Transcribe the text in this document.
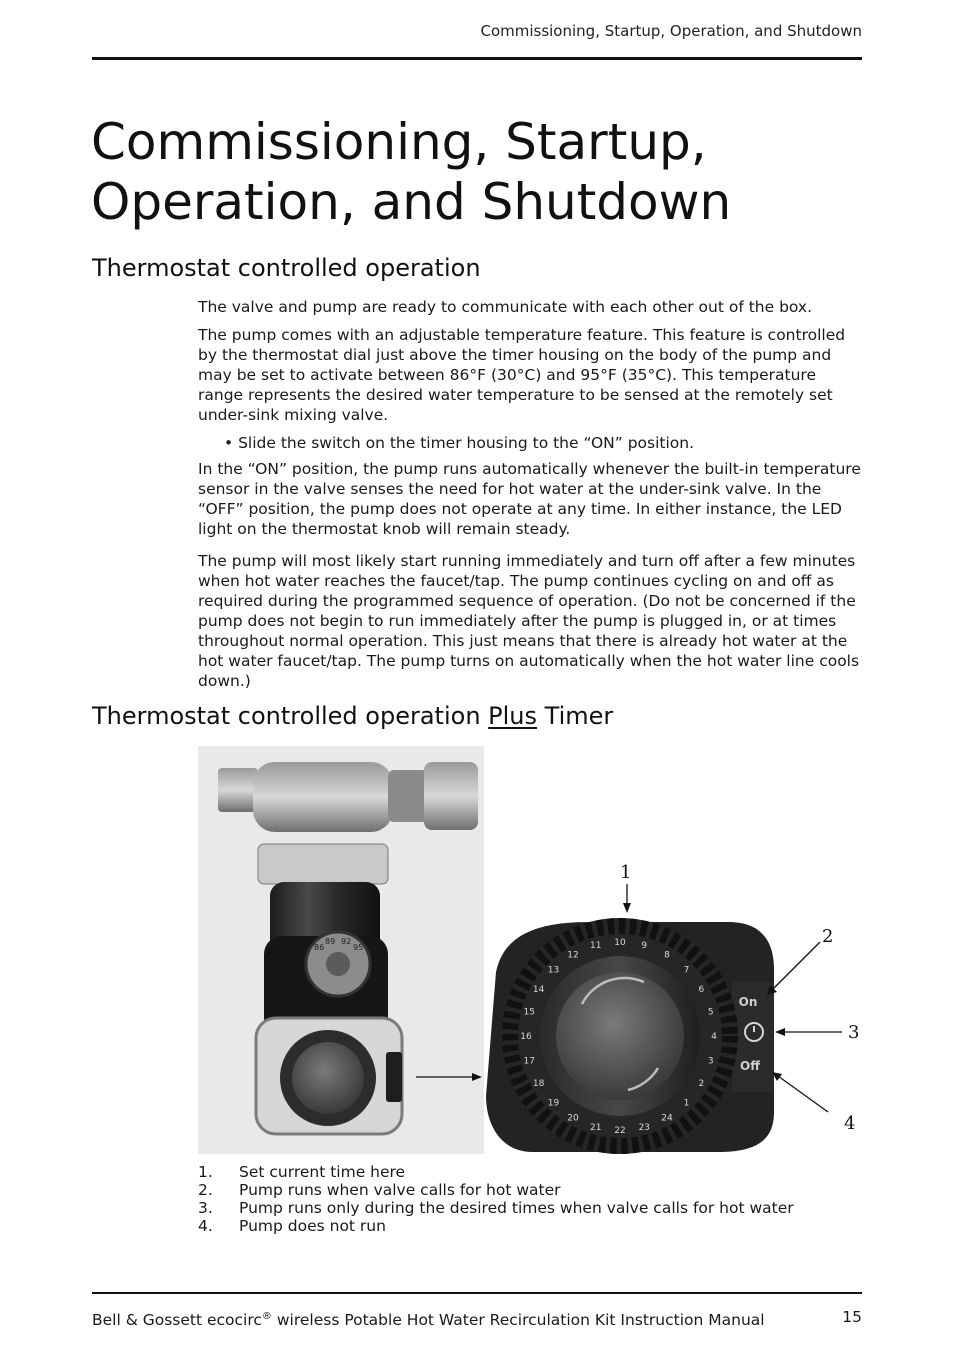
Commissioning, Startup, Operation, and Shutdown
Commissioning, Startup,
Operation, and Shutdown
Thermostat controlled operation

The valve and pump are ready to communicate with each other out of the box.

The pump comes with an adjustable temperature feature. This feature is controlled by the thermostat dial just above the timer housing on the body of the pump and may be set to activate between 86°F (30°C) and 95°F (35°C). This temperature range represents the desired water temperature to be sensed at the remotely set under-sink mixing valve.

• Slide the switch on the timer housing to the “ON” position.

In the “ON” position, the pump runs automatically whenever the built-in temperature sensor in the valve senses the need for hot water at the under-sink valve. In the “OFF” position, the pump does not operate at any time. In either instance, the LED light on the thermostat knob will remain steady.

The pump will most likely start running immediately and turn off after a few minutes when hot water reaches the faucet/tap. The pump continues cycling on and off as required during the programmed sequence of operation. (Do not be concerned if the pump does not begin to run immediately after the pump is plugged in, or at times throughout normal operation. This just means that there is already hot water at the hot water faucet/tap. The pump turns on automatically when the hot water line cools down.)

Thermostat controlled operation Plus Timer
86
89 92
95
1
2
3
4
5
6
7
8
9
10
11
12
13
14
15
16
17
18
19
20
21 22 23
24
On
Off
1
2
3
4
1.	Set current time here
2.	Pump runs when valve calls for hot water
3.	Pump runs only during the desired times when valve calls for hot water
4.	Pump does not run
Bell & Gossett ecocirc® wireless Potable Hot Water Recirculation Kit Instruction Manual	15
